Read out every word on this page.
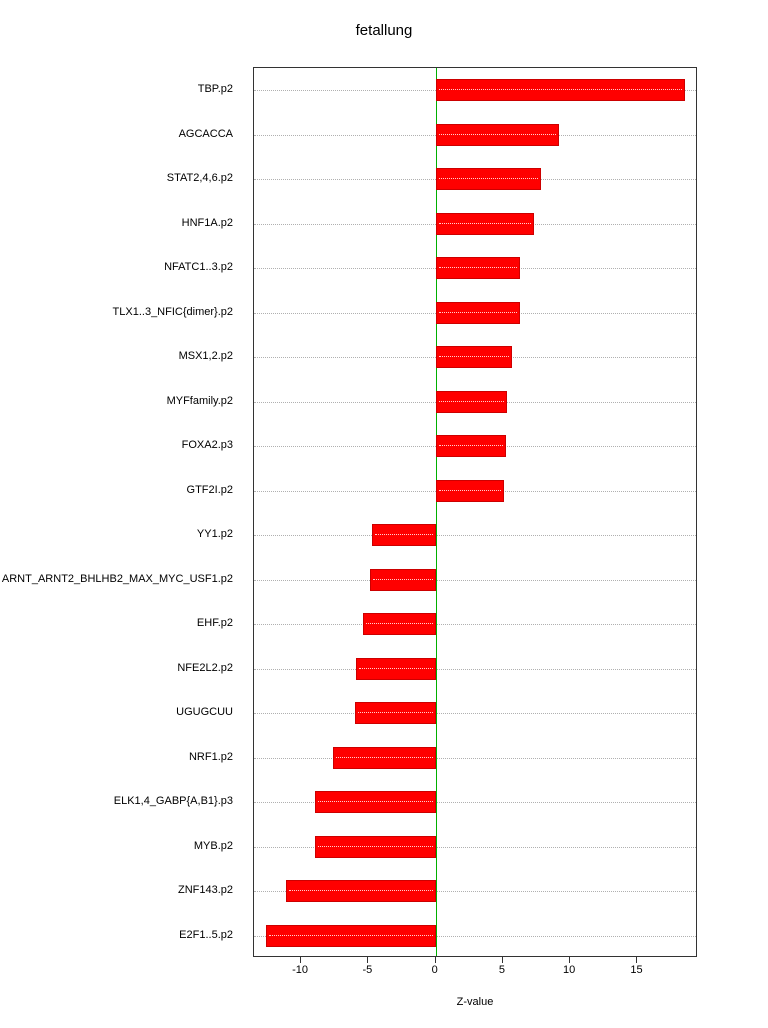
fetallung
TBP.p2
AGCACCA
STAT2,4,6.p2
HNF1A.p2
NFATC1..3.p2
TLX1..3_NFIC{dimer}.p2
MSX1,2.p2
MYFfamily.p2
FOXA2.p3
GTF2I.p2
YY1.p2
ARNT_ARNT2_BHLHB2_MAX_MYC_USF1.p2
EHF.p2
NFE2L2.p2
UGUGCUU
NRF1.p2
ELK1,4_GABP{A,B1}.p3
MYB.p2
ZNF143.p2
E2F1..5.p2
-10	-5	0	5	10	15
Z-value
